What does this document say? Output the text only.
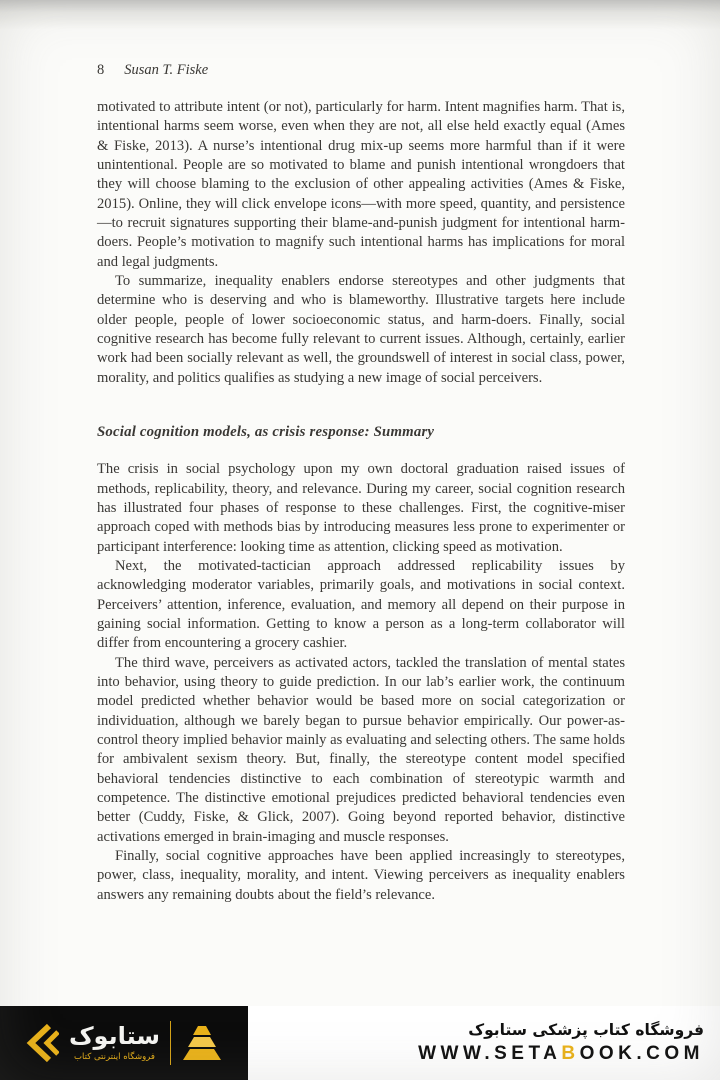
8 Susan T. Fiske

motivated to attribute intent (or not), particularly for harm. Intent magnifies harm. That is, intentional harms seem worse, even when they are not, all else held exactly equal (Ames & Fiske, 2013). A nurse’s intentional drug mix-up seems more harmful than if it were unintentional. People are so motivated to blame and punish intentional wrongdoers that they will choose blaming to the exclusion of other appealing activities (Ames & Fiske, 2015). Online, they will click envelope icons—with more speed, quantity, and persistence—to recruit signatures supporting their blame-and-punish judgment for intentional harm-doers. People’s motivation to magnify such intentional harms has implications for moral and legal judgments.

To summarize, inequality enablers endorse stereotypes and other judgments that determine who is deserving and who is blameworthy. Illustrative targets here include older people, people of lower socioeconomic status, and harm-doers. Finally, social cognitive research has become fully relevant to current issues. Although, certainly, earlier work had been socially relevant as well, the groundswell of interest in social class, power, morality, and politics qualifies as studying a new image of social perceivers.

Social cognition models, as crisis response: Summary

The crisis in social psychology upon my own doctoral graduation raised issues of methods, replicability, theory, and relevance. During my career, social cognition research has illustrated four phases of response to these challenges. First, the cognitive-miser approach coped with methods bias by introducing measures less prone to experimenter or participant interference: looking time as attention, clicking speed as motivation.

Next, the motivated-tactician approach addressed replicability issues by acknowledging moderator variables, primarily goals, and motivations in social context. Perceivers’ attention, inference, evaluation, and memory all depend on their purpose in gaining social information. Getting to know a person as a long-term collaborator will differ from encountering a grocery cashier.

The third wave, perceivers as activated actors, tackled the translation of mental states into behavior, using theory to guide prediction. In our lab’s earlier work, the continuum model predicted whether behavior would be based more on social categorization or individuation, although we barely began to pursue behavior empirically. Our power-as-control theory implied behavior mainly as evaluating and selecting others. The same holds for ambivalent sexism theory. But, finally, the stereotype content model specified behavioral tendencies distinctive to each combination of stereotypic warmth and competence. The distinctive emotional prejudices predicted behavioral tendencies even better (Cuddy, Fiske, & Glick, 2007). Going beyond reported behavior, distinctive activations emerged in brain-imaging and muscle responses.

Finally, social cognitive approaches have been applied increasingly to stereotypes, power, class, inequality, morality, and intent. Viewing perceivers as inequality enablers answers any remaining doubts about the field’s relevance.

ستابوک
فروشگاه اینترنتی کتاب
فروشگاه کتاب پزشکی ستابوک
WWW.SETABOOK.COM
